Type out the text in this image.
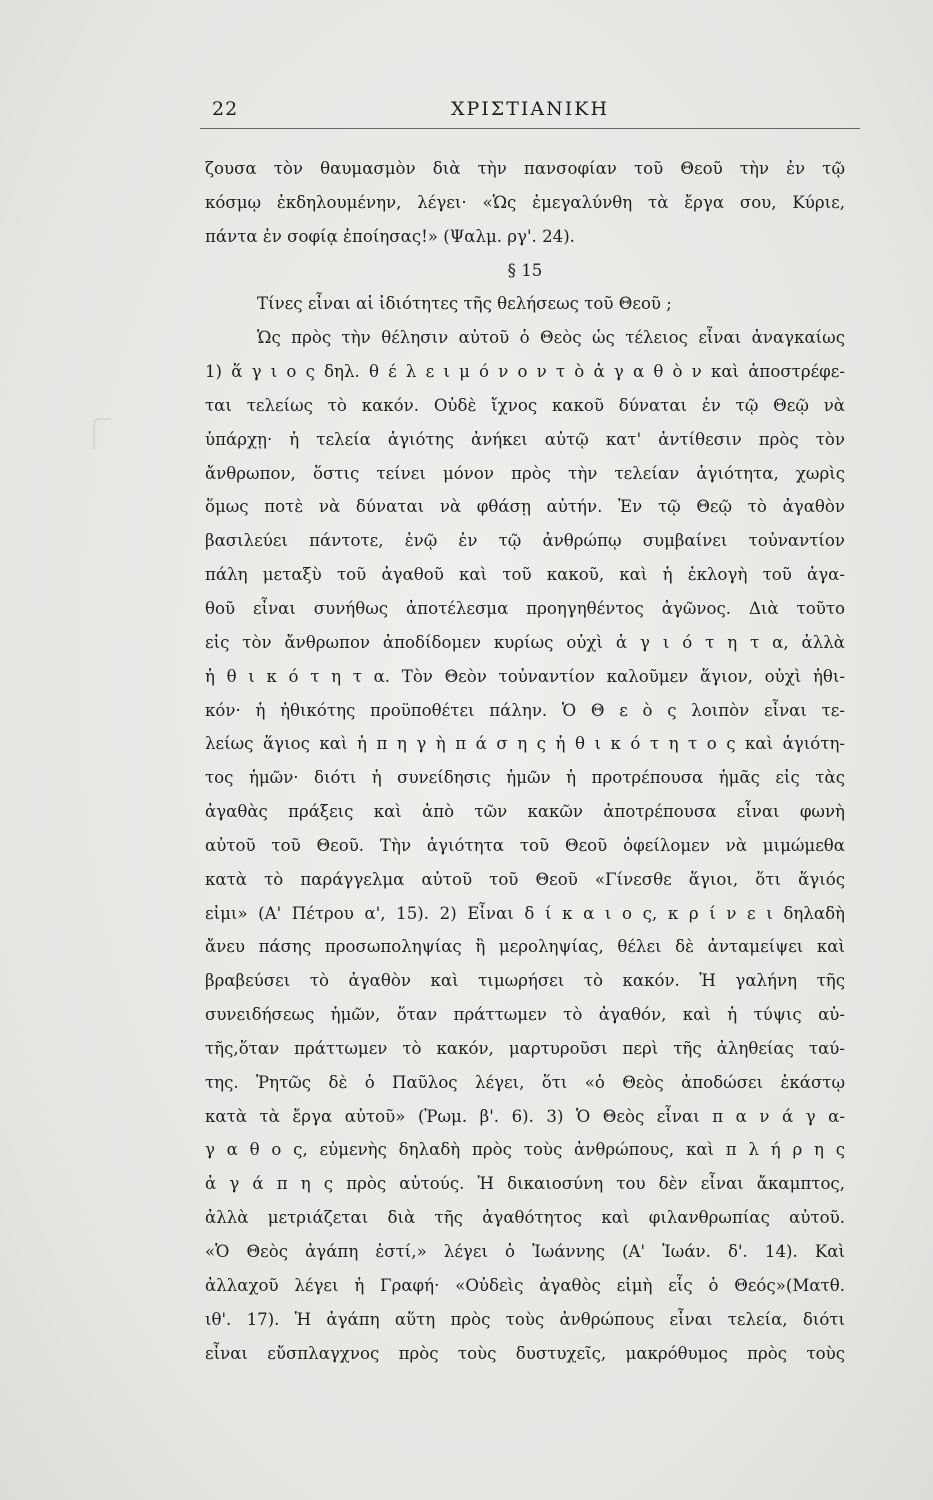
22	ΧΡΙΣΤΙΑΝΙΚΗ
ζουσα τὸν θαυμασμὸν διὰ τὴν πανσοφίαν τοῦ Θεοῦ τὴν ἐν τῷ
κόσμῳ ἐκδηλουμένην, λέγει· «Ὡς ἐμεγαλύνθη τὰ ἔργα σου, Κύριε,
πάντα ἐν σοφίᾳ ἐποίησας!» (Ψαλμ. ργ'. 24).
§ 15
Τίνες εἶναι αἱ ἰδιότητες τῆς θελήσεως τοῦ Θεοῦ ;
Ὡς πρὸς τὴν θέλησιν αὐτοῦ ὁ Θεὸς ὡς τέλειος εἶναι ἀναγκαίως
1) ἅ γ ι ο ς δηλ. θ έ λ ε ι μ ό ν ο ν τ ὸ ἀ γ α θ ὸ ν καὶ ἀποστρέφε-
ται τελείως τὸ κακόν. Οὐδὲ ἴχνος κακοῦ δύναται ἐν τῷ Θεῷ νὰ
ὑπάρχῃ· ἡ τελεία ἁγιότης ἀνήκει αὐτῷ κατ' ἀντίθεσιν πρὸς τὸν
ἄνθρωπον, ὅστις τείνει μόνον πρὸς τὴν τελείαν ἁγιότητα, χωρὶς
ὅμως ποτὲ νὰ δύναται νὰ φθάσῃ αὐτήν. Ἐν τῷ Θεῷ τὸ ἀγαθὸν
βασιλεύει πάντοτε, ἐνῷ ἐν τῷ ἀνθρώπῳ συμβαίνει τοὐναντίον
πάλη μεταξὺ τοῦ ἀγαθοῦ καὶ τοῦ κακοῦ, καὶ ἡ ἐκλογὴ τοῦ ἀγα-
θοῦ εἶναι συνήθως ἀποτέλεσμα προηγηθέντος ἀγῶνος. Διὰ τοῦτο
εἰς τὸν ἄνθρωπον ἀποδίδομεν κυρίως οὐχὶ ἁ γ ι ό τ η τ α, ἀλλὰ
ἠ θ ι κ ό τ η τ α. Τὸν Θεὸν τοὐναντίον καλοῦμεν ἅγιον, οὐχὶ ἠθι-
κόν· ἡ ἠθικότης προϋποθέτει πάλην. Ὁ Θ ε ὸ ς λοιπὸν εἶναι τε-
λείως ἅγιος καὶ ἡ π η γ ὴ π ά σ η ς ἠ θ ι κ ό τ η τ ο ς καὶ ἁγιότη-
τος ἡμῶν· διότι ἡ συνείδησις ἡμῶν ἡ προτρέπουσα ἡμᾶς εἰς τὰς
ἀγαθὰς πράξεις καὶ ἀπὸ τῶν κακῶν ἀποτρέπουσα εἶναι φωνὴ
αὐτοῦ τοῦ Θεοῦ. Τὴν ἁγιότητα τοῦ Θεοῦ ὀφείλομεν νὰ μιμώμεθα
κατὰ τὸ παράγγελμα αὐτοῦ τοῦ Θεοῦ «Γίνεσθε ἅγιοι, ὅτι ἅγιός
εἰμι» (Α' Πέτρου α', 15). 2) Εἶναι δ ί κ α ι ο ς, κ ρ ί ν ε ι δηλαδὴ
ἄνευ πάσης προσωποληψίας ἢ μεροληψίας, θέλει δὲ ἀνταμείψει καὶ
βραβεύσει τὸ ἀγαθὸν καὶ τιμωρήσει τὸ κακόν. Ἡ γαλήνη τῆς
συνειδήσεως ἡμῶν, ὅταν πράττωμεν τὸ ἀγαθόν, καὶ ἡ τύψις αὐ-
τῆς,ὅταν πράττωμεν τὸ κακόν, μαρτυροῦσι περὶ τῆς ἀληθείας ταύ-
της. Ῥητῶς δὲ ὁ Παῦλος λέγει, ὅτι «ὁ Θεὸς ἀποδώσει ἑκάστῳ
κατὰ τὰ ἔργα αὐτοῦ» (Ῥωμ. β'. 6). 3) Ὁ Θεὸς εἶναι π α ν ά γ α-
γ α θ ο ς, εὐμενὴς δηλαδὴ πρὸς τοὺς ἀνθρώπους, καὶ π λ ή ρ η ς
ἀ γ ά π η ς πρὸς αὐτούς. Ἡ δικαιοσύνη του δὲν εἶναι ἄκαμπτος,
ἀλλὰ μετριάζεται διὰ τῆς ἀγαθότητος καὶ φιλανθρωπίας αὐτοῦ.
«Ὁ Θεὸς ἀγάπη ἐστί,» λέγει ὁ Ἰωάννης (Α' Ἰωάν. δ'. 14). Καὶ
ἀλλαχοῦ λέγει ἡ Γραφή· «Οὐδεὶς ἀγαθὸς εἰμὴ εἷς ὁ Θεός»(Ματθ.
ιθ'. 17). Ἡ ἀγάπη αὕτη πρὸς τοὺς ἀνθρώπους εἶναι τελεία, διότι
εἶναι εὔσπλαγχνος πρὸς τοὺς δυστυχεῖς, μακρόθυμος πρὸς τοὺς
